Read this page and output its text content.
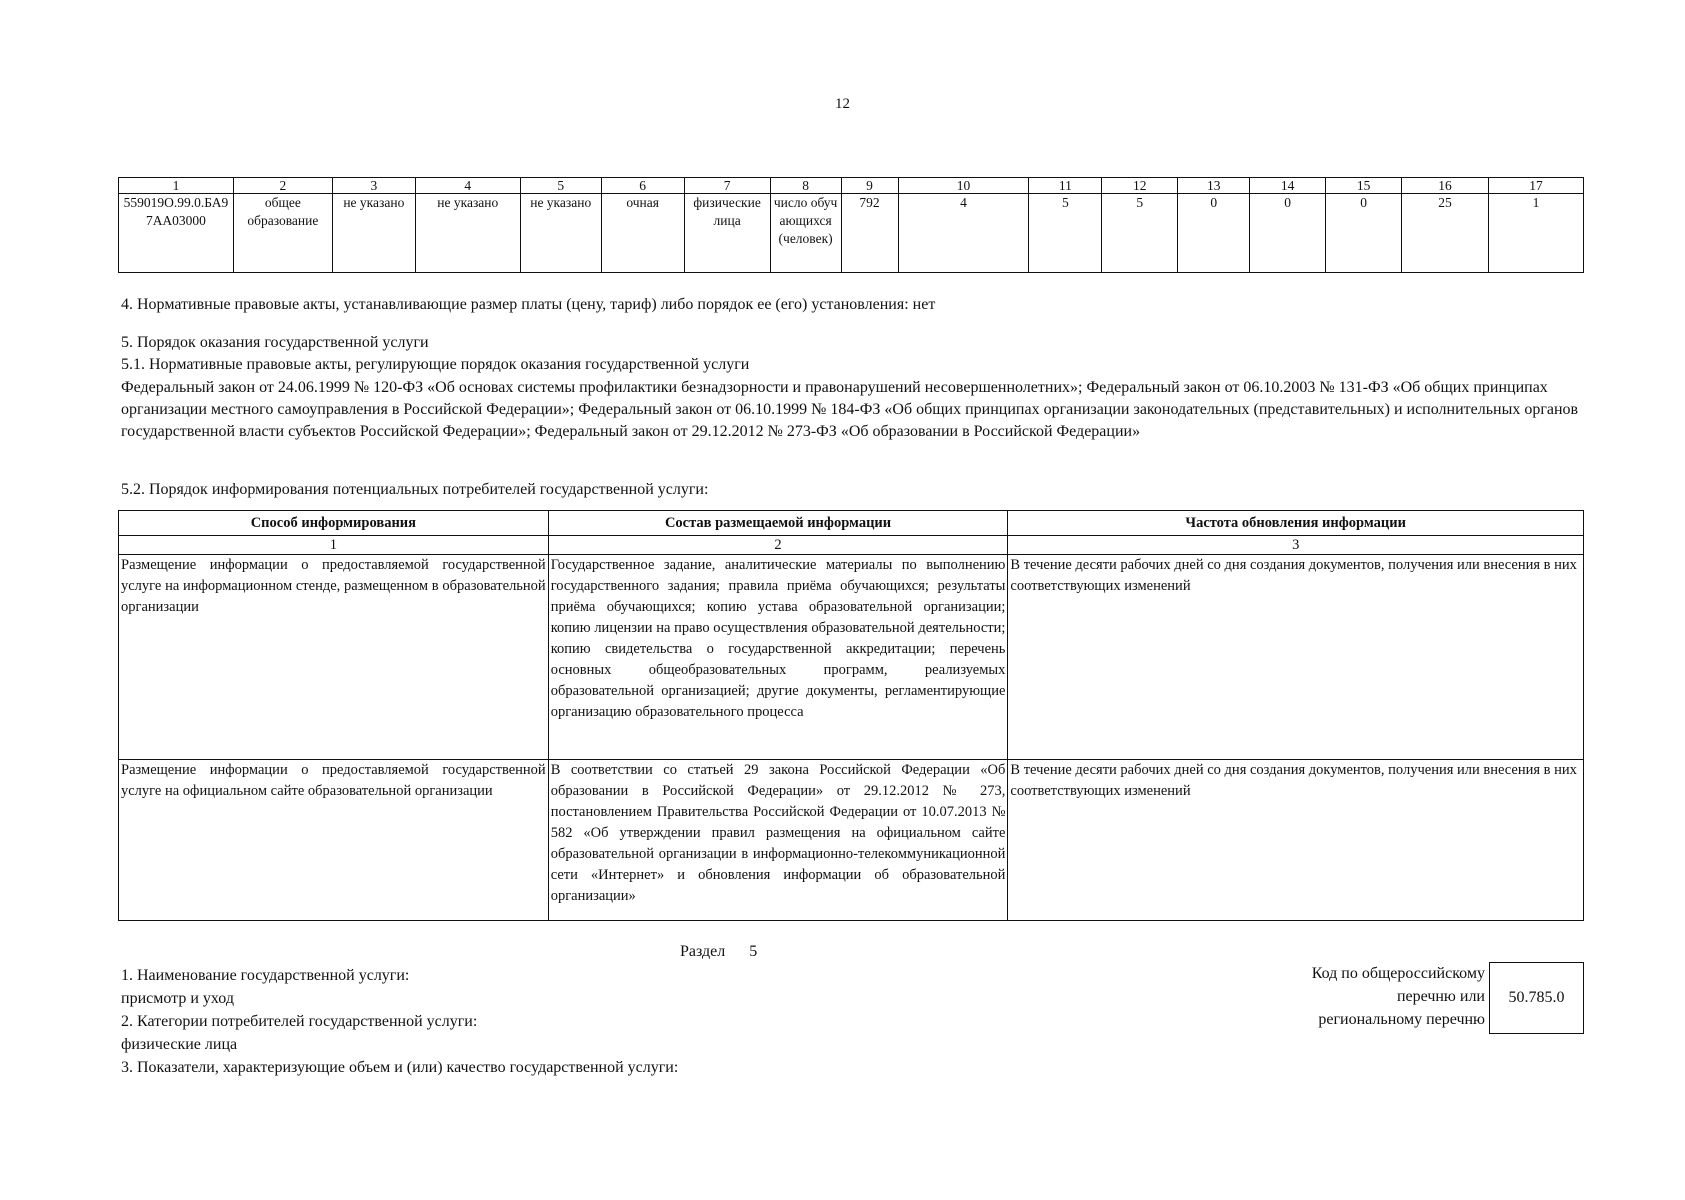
12
1	2	3	4	5	6	7	8	9	10	11	12	13	14	15	16	17
559019О.99.0.БА97АА03000	общее образование	не указано	не указано	не указано	очная	физические лица	число обучающихся (человек)	792	4	5	5	0	0	0	25	1

4. Нормативные правовые акты, устанавливающие размер платы (цену, тариф) либо порядок ее (его) установления: нет

5. Порядок оказания государственной услуги

5.1. Нормативные правовые акты, регулирующие порядок оказания государственной услуги

Федеральный закон от 24.06.1999 № 120-ФЗ «Об основах системы профилактики безнадзорности и правонарушений несовершеннолетних»; Федеральный закон от 06.10.2003 № 131-ФЗ «Об общих принципах организации местного самоуправления в Российской Федерации»; Федеральный закон от 06.10.1999 № 184-ФЗ «Об общих принципах организации законодательных (представительных) и исполнительных органов государственной власти субъектов Российской Федерации»; Федеральный закон от 29.12.2012 № 273-ФЗ «Об образовании в Российской Федерации»

5.2. Порядок информирования потенциальных потребителей государственной услуги:

Способ информирования	Состав размещаемой информации	Частота обновления информации
1	2	3
Размещение информации о предоставляемой государственной услуге на информационном стенде, размещенном в образовательной организации	Государственное задание, аналитические материалы по выполнению государственного задания; правила приёма обучающихся; результаты приёма обучающихся; копию устава образовательной организации; копию лицензии на право осуществления образовательной деятельности; копию свидетельства о государственной аккредитации; перечень основных общеобразовательных программ, реализуемых образовательной организацией; другие документы, регламентирующие организацию образовательного процесса	В течение десяти рабочих дней со дня создания документов, получения или внесения в них соответствующих изменений
Размещение информации о предоставляемой государственной услуге на официальном сайте образовательной организации	В соответствии со статьей 29 закона Российской Федерации «Об образовании в Российской Федерации» от 29.12.2012 № 273, постановлением Правительства Российской Федерации от 10.07.2013 № 582 «Об утверждении правил размещения на официальном сайте образовательной организации в информационно-телекоммуникационной сети «Интернет» и обновления информации об образовательной организации»	В течение десяти рабочих дней со дня создания документов, получения или внесения в них соответствующих изменений
Раздел 5

1. Наименование государственной услуги:

присмотр и уход

2. Категории потребителей государственной услуги:

физические лица

3. Показатели, характеризующие объем и (или) качество государственной услуги:

Код по общероссийскому
перечню или
региональному перечню
50.785.0
